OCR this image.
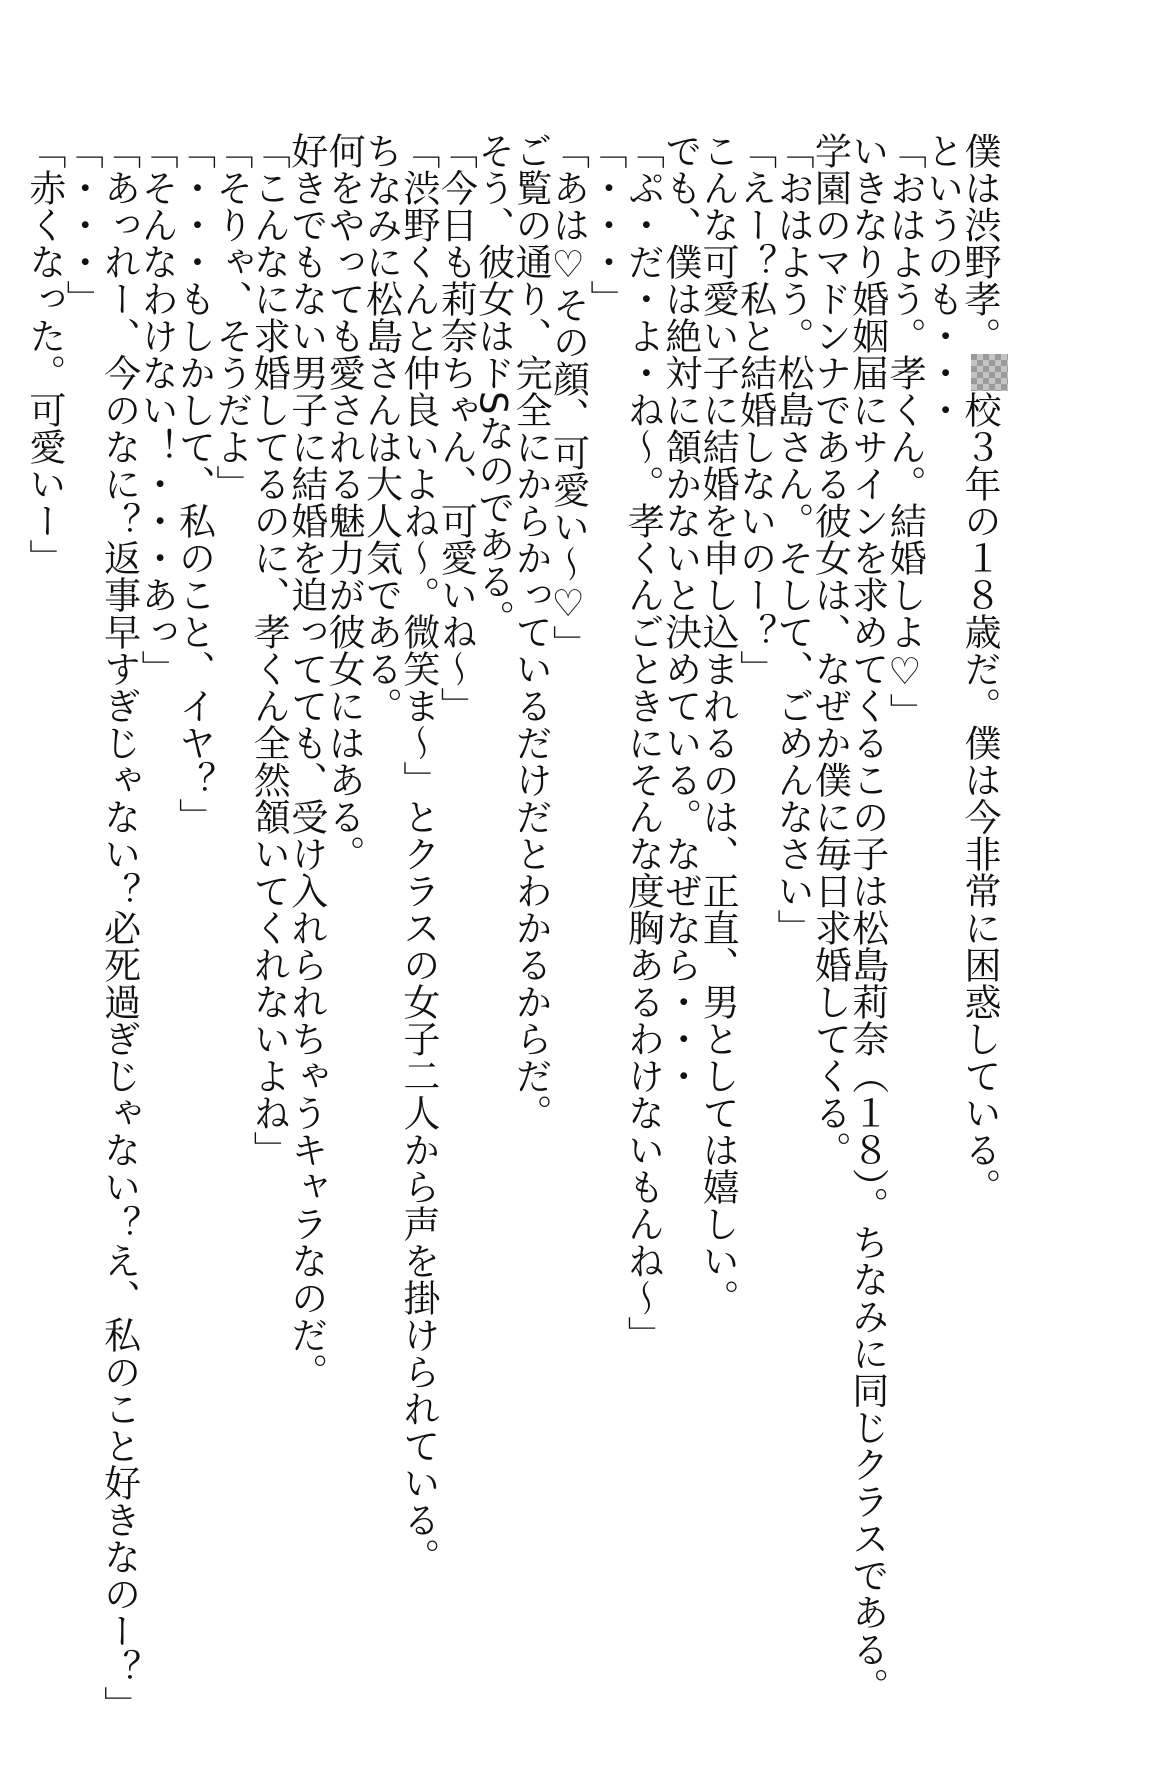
僕は渋野孝。校３年の１８歳だ。僕は今非常に困惑している。
というのも・・・
「おはよう。孝くん。結婚しよ♡」
いきなり婚姻届にサインを求めてくるこの子は松島莉奈（１８）。ちなみに同じクラスである。
学園のマドンナである彼女は、なぜか僕に毎日求婚してくる。
「おはよう。松島さん。そして、ごめんなさい」
「えー？私と結婚しないのー？」
こんな可愛い子に結婚を申し込まれるのは、正直、男としては嬉しい。
でも、僕は絶対に頷かないと決めている。なぜなら・・・
「ぷ・だ・よ・ね～。孝くんごときにそんな度胸あるわけないもんね～」
「・・・」
「あは♡その顔、可愛い～♡」
ご覧の通り、完全にからかっているだけだとわかるからだ。
そう、彼女はドSなのである。
「今日も莉奈ちゃん、可愛いね～」
「渋野くんと仲良いよね～。微笑ま～」とクラスの女子二人から声を掛けられている。
ちなみに松島さんは大人気である。
何をやっても愛される魅力が彼女にはある。
好きでもない男子に結婚を迫ってても、受け入れられちゃうキャラなのだ。
「こんなに求婚してるのに、孝くん全然頷いてくれないよね」
「そりゃ、そうだよ」
「・・・もしかして、私のこと、イヤ？」
「そんなわけない！・・・あっ」
「あっれー、今のなに？返事早すぎじゃない？必死過ぎじゃない？え、私のこと好きなのー？」
「・・・」
「赤くなった。可愛いー」
